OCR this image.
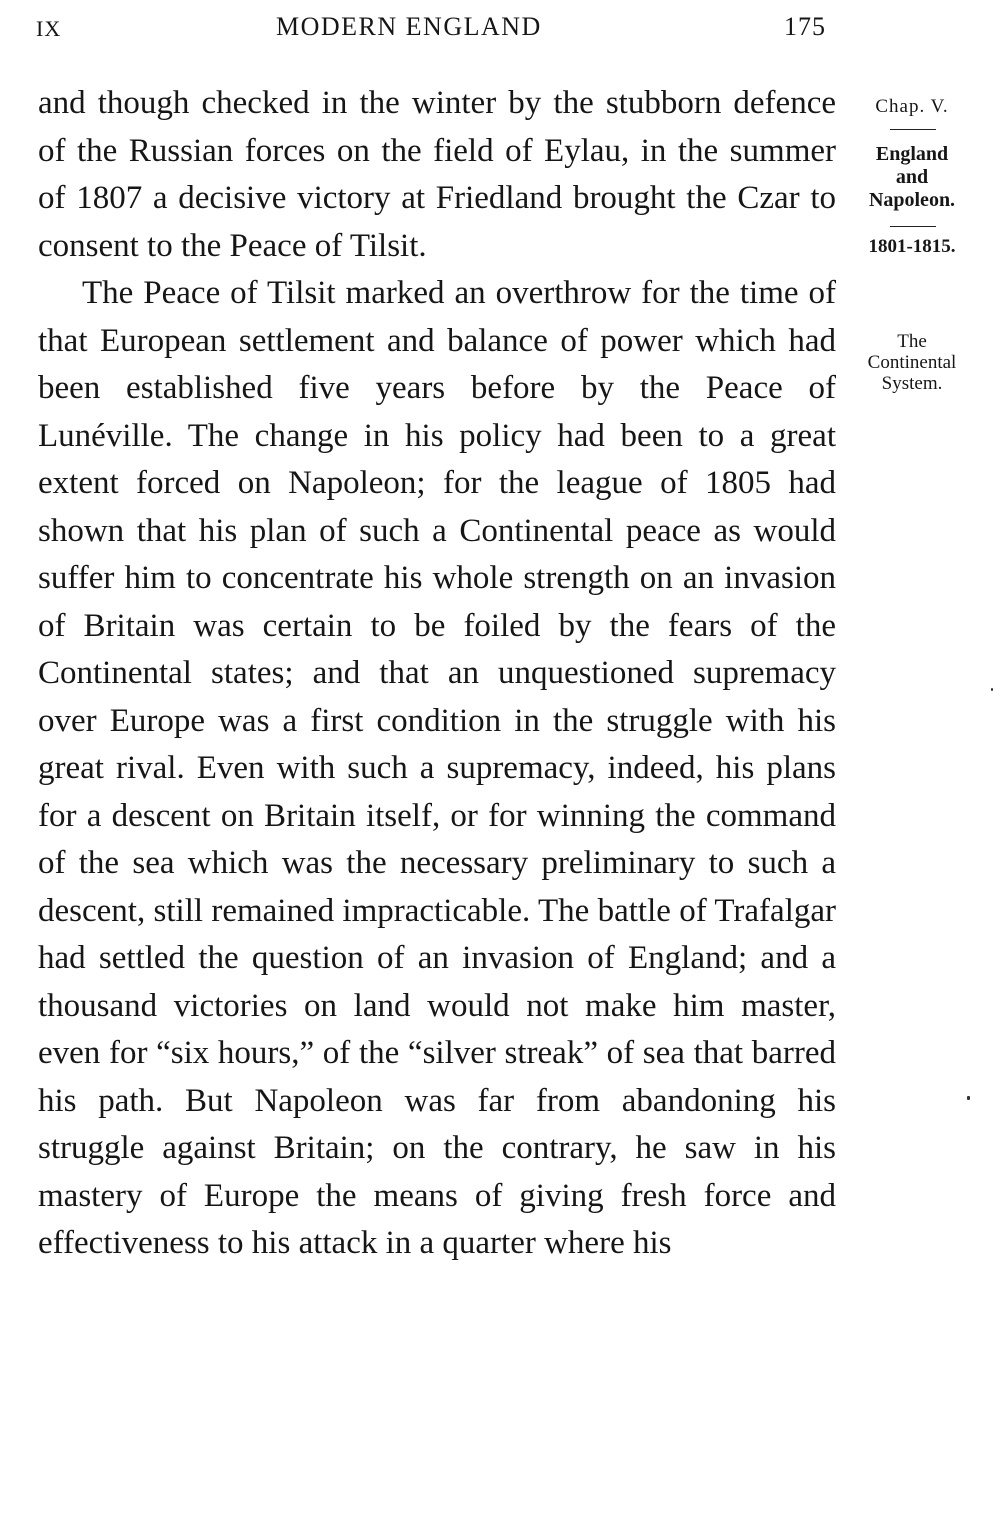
IX	MODERN ENGLAND	175

and though checked in the winter by the stubborn defence of the Russian forces on the field of Eylau, in the summer of 1807 a decisive victory at Friedland brought the Czar to consent to the Peace of Tilsit.

The Peace of Tilsit marked an overthrow for the time of that European settlement and balance of power which had been established five years before by the Peace of Lunéville. The change in his policy had been to a great extent forced on Napoleon; for the league of 1805 had shown that his plan of such a Continental peace as would suffer him to concentrate his whole strength on an invasion of Britain was certain to be foiled by the fears of the Continental states; and that an unquestioned supremacy over Europe was a first condition in the struggle with his great rival. Even with such a supremacy, indeed, his plans for a descent on Britain itself, or for winning the command of the sea which was the necessary preliminary to such a descent, still remained impracticable. The battle of Trafalgar had settled the question of an invasion of England; and a thousand victories on land would not make him master, even for “six hours,” of the “silver streak” of sea that barred his path. But Napoleon was far from abandoning his struggle against Britain; on the contrary, he saw in his mastery of Europe the means of giving fresh force and effectiveness to his attack in a quarter where his

Chap. V.
England
and
Napoleon.
1801-1815.
The
Continental
System.
